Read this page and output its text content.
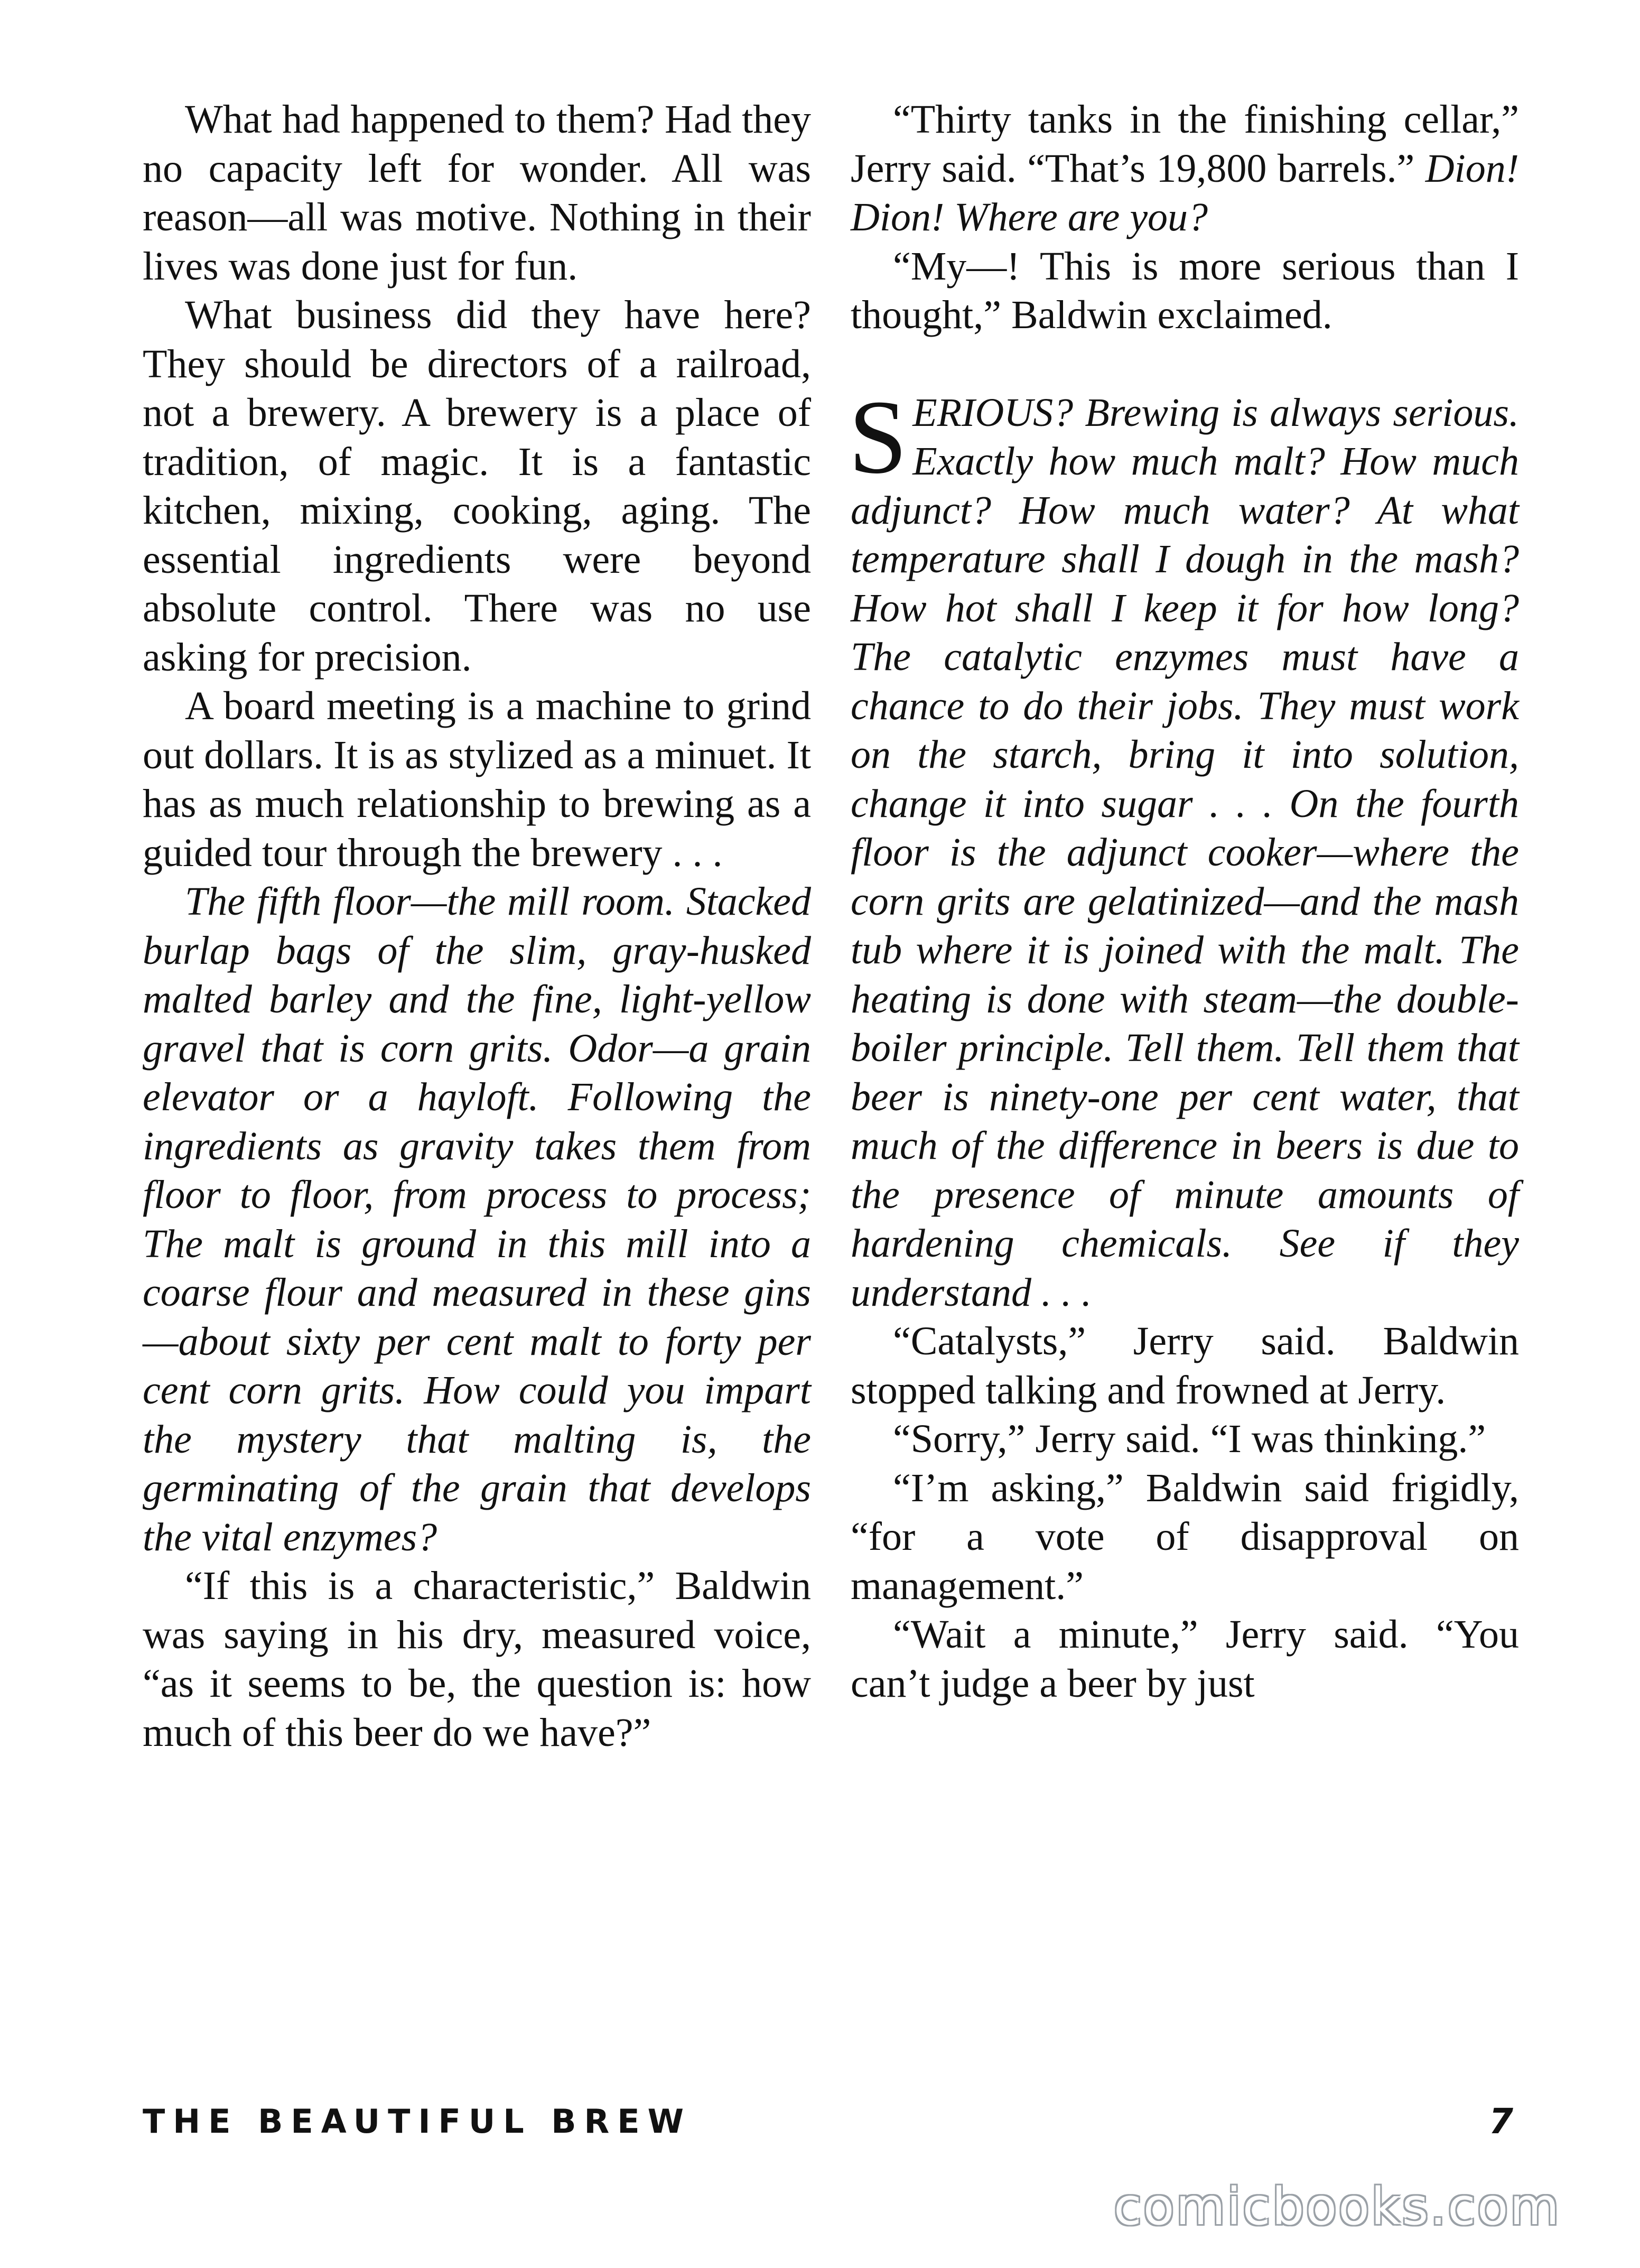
What had happened to them? Had they no capacity left for wonder. All was reason—all was motive. Nothing in their lives was done just for fun.

What business did they have here? They should be directors of a railroad, not a brewery. A brewery is a place of tradition, of magic. It is a fantastic kitchen, mixing, cooking, aging. The essential ingredients were beyond absolute control. There was no use asking for precision.

A board meeting is a machine to grind out dollars. It is as stylized as a minuet. It has as much relationship to brewing as a guided tour through the brewery . . .

The fifth floor—the mill room. Stacked burlap bags of the slim, gray-husked malted barley and the fine, light-yellow gravel that is corn grits. Odor—a grain elevator or a hayloft. Following the ingredients as gravity takes them from floor to floor, from process to process; The malt is ground in this mill into a coarse flour and measured in these gins—about sixty per cent malt to forty per cent corn grits. How could you impart the mystery that malting is, the germinating of the grain that develops the vital enzymes?

“If this is a characteristic,” Baldwin was saying in his dry, measured voice, “as it seems to be, the question is: how much of this beer do we have?”

“Thirty tanks in the finishing cellar,” Jerry said. “That’s 19,800 barrels.” Dion! Dion! Where are you?

“My—! This is more serious than I thought,” Baldwin exclaimed.

SERIOUS? Brewing is always serious. Exactly how much malt? How much adjunct? How much water? At what temperature shall I dough in the mash? How hot shall I keep it for how long? The catalytic enzymes must have a chance to do their jobs. They must work on the starch, bring it into solution, change it into sugar . . . On the fourth floor is the adjunct cooker—where the corn grits are gelatinized—and the mash tub where it is joined with the malt. The heating is done with steam—the double-boiler principle. Tell them. Tell them that beer is ninety-one per cent water, that much of the difference in beers is due to the presence of minute amounts of hardening chemicals. See if they understand . . .

“Catalysts,” Jerry said. Baldwin stopped talking and frowned at Jerry.

“Sorry,” Jerry said. “I was thinking.”

“I’m asking,” Baldwin said frigidly, “for a vote of disapproval on management.”

“Wait a minute,” Jerry said. “You can’t judge a beer by just

THE BEAUTIFUL BREW	7
comicbooks.com
